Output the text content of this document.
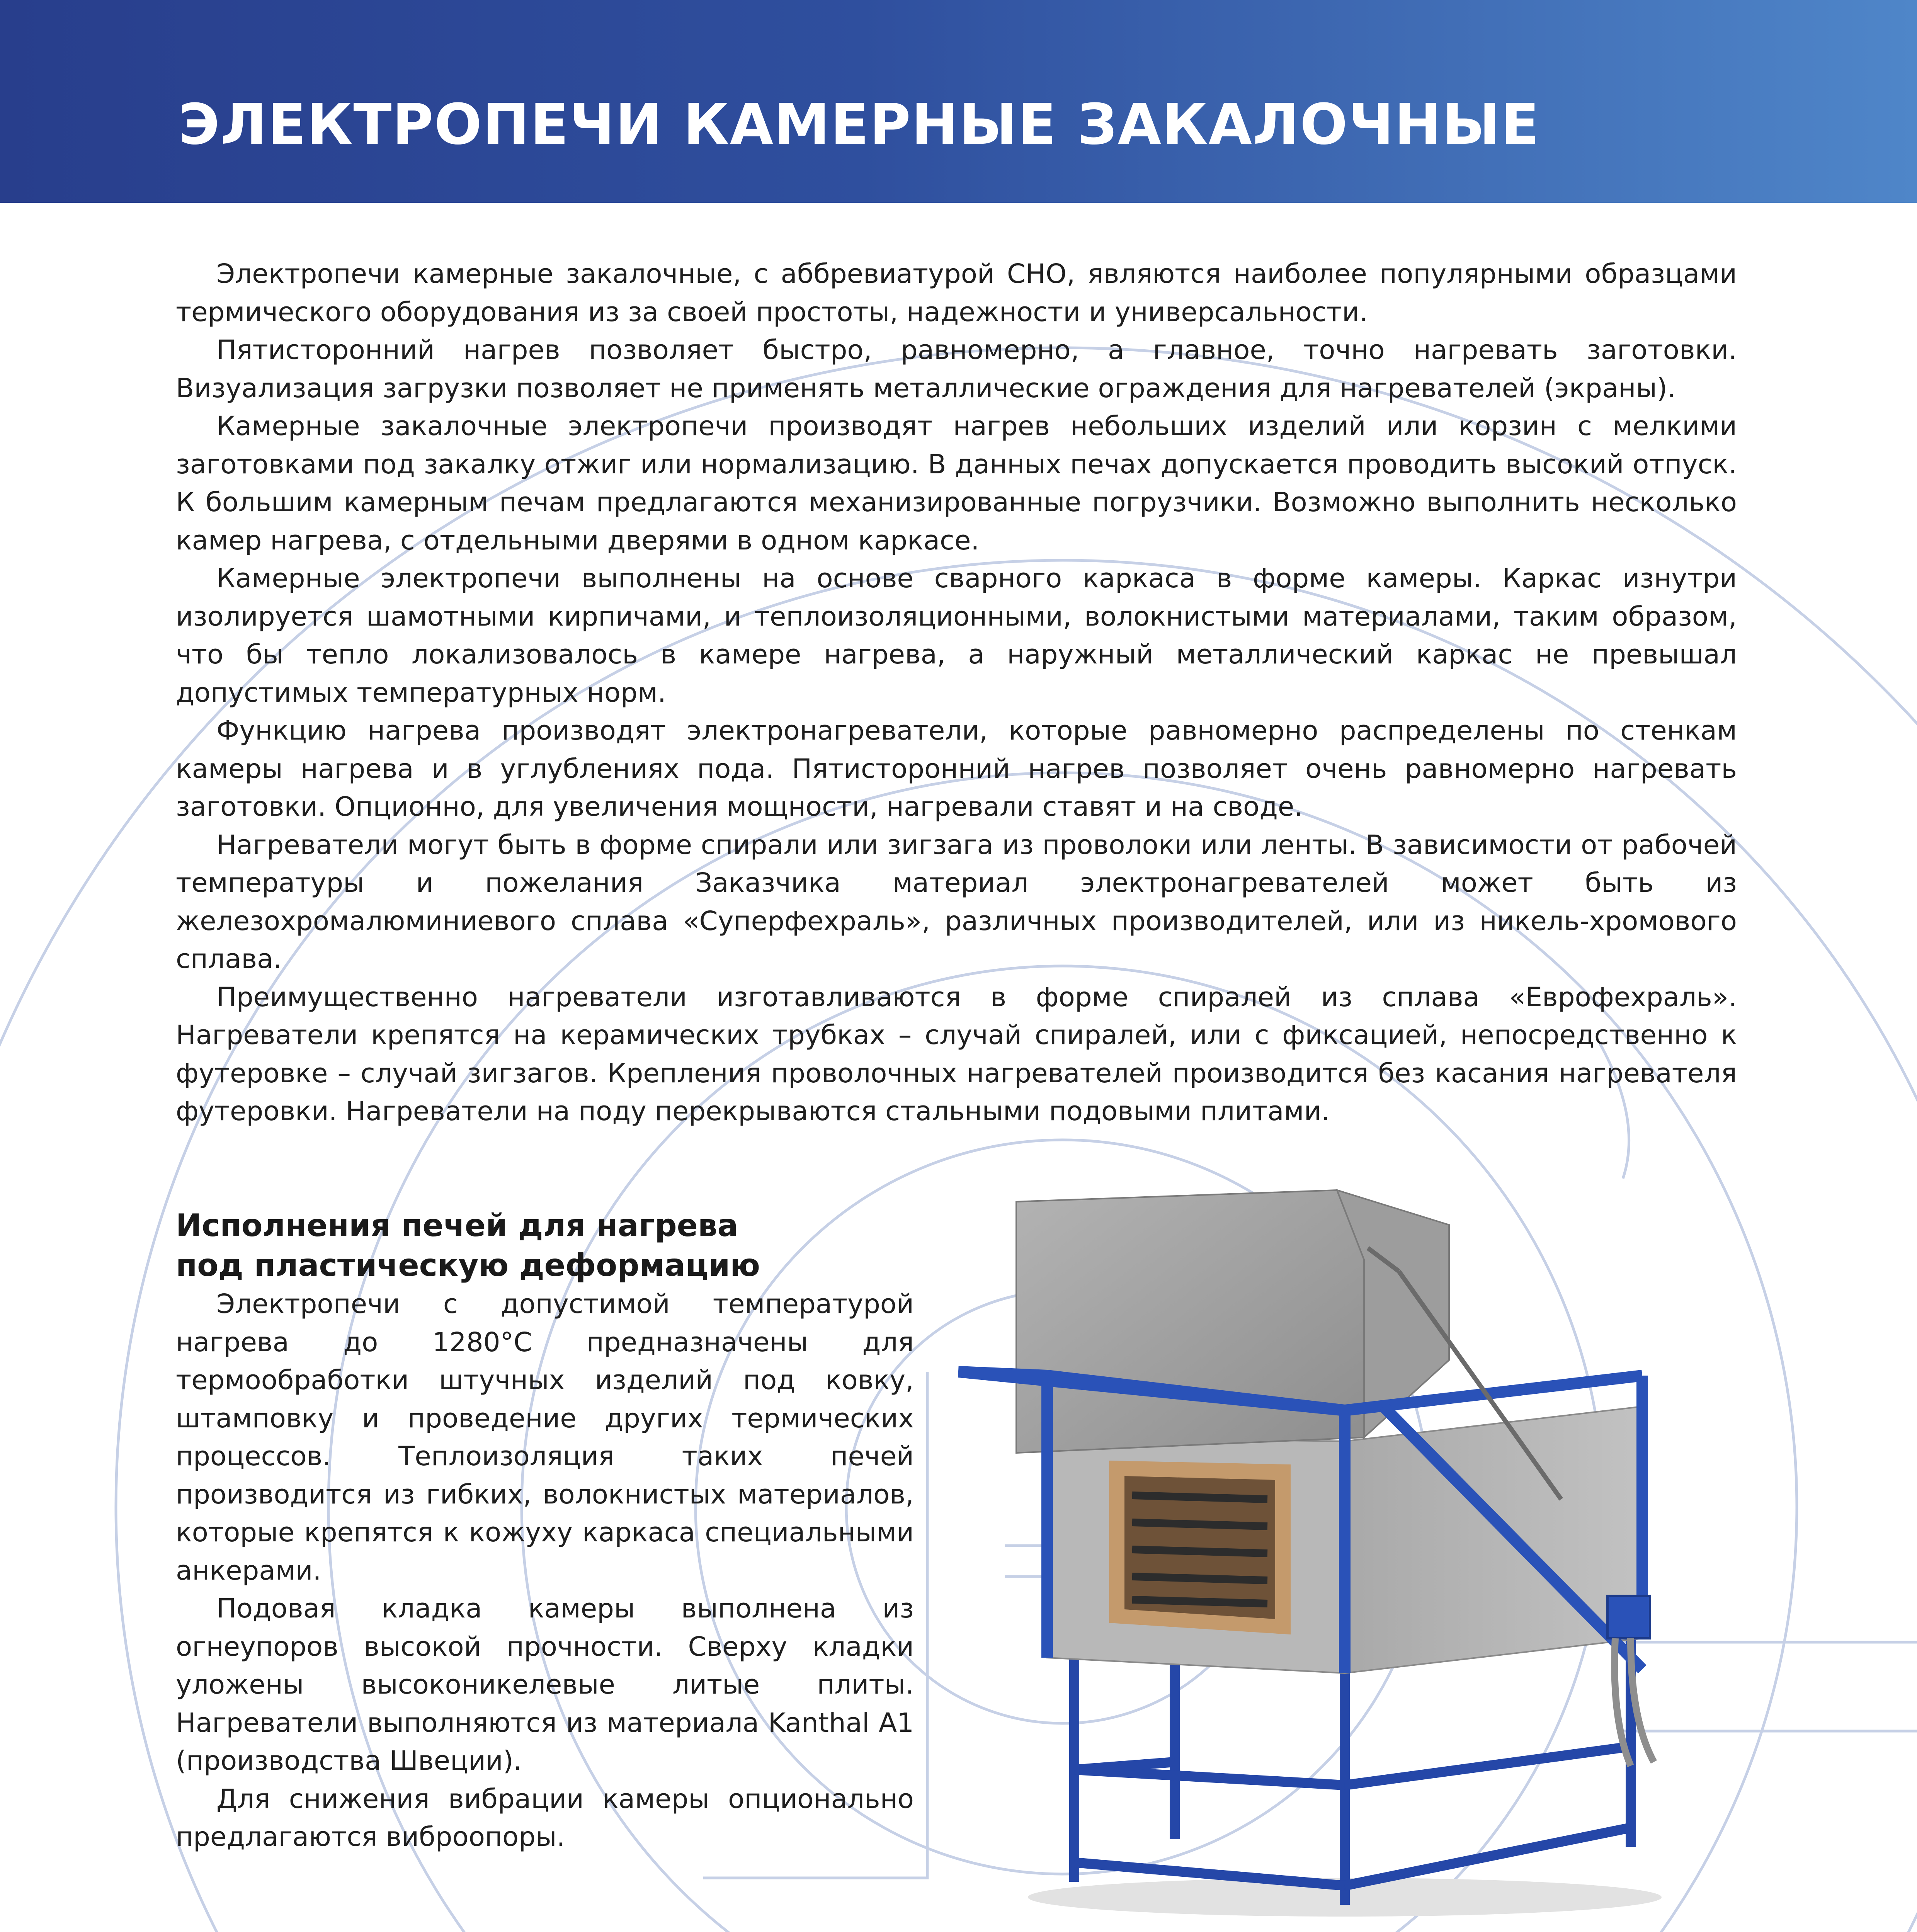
ЭЛЕКТРОПЕЧИ КАМЕРНЫЕ ЗАКАЛОЧНЫЕ

Электропечи камерные закалочные, с аббревиатурой СНО, являются наиболее популярными образцами термического оборудования из за своей простоты, надежности и универсальности.

Пятисторонний нагрев позволяет быстро, равномерно, а главное, точно нагревать заготовки. Визуализация загрузки позволяет не применять металлические ограждения для нагревателей (экраны).

Камерные закалочные электропечи производят нагрев небольших изделий или корзин с мелкими заготовками под закалку отжиг или нормализацию. В данных печах допускается проводить высокий отпуск. К большим камерным печам предлагаются механизированные погрузчики. Возможно выполнить несколько камер нагрева, с отдельными дверями в одном каркасе.

Камерные электропечи выполнены на основе сварного каркаса в форме камеры. Каркас изнутри изолируется шамотными кирпичами, и теплоизоляционными, волокнистыми материалами, таким образом, что бы тепло локализовалось в камере нагрева, а наружный металлический каркас не превышал допустимых температурных норм.

Функцию нагрева производят электронагреватели, которые равномерно распределены по стенкам камеры нагрева и в углублениях пода. Пятисторонний нагрев позволяет очень равномерно нагревать заготовки. Опционно, для увеличения мощности, нагревали ставят и на своде.

Нагреватели могут быть в форме спирали или зигзага из проволоки или ленты. В зависимости от рабочей температуры и пожелания Заказчика материал электронагревателей может быть из железохромалюминиевого сплава «Суперфехраль», различных производителей, или из никель-хромового сплава.

Преимущественно нагреватели изготавливаются в форме спиралей из сплава «Еврофехраль». Нагреватели крепятся на керамических трубках – случай спиралей, или с фиксацией, непосредственно к футеровке – случай зигзагов. Крепления проволочных нагревателей производится без касания нагревателя футеровки. Нагреватели на поду перекрываются стальными подовыми плитами.

Исполнения печей для нагрева
под пластическую деформацию

Электропечи с допустимой температурой нагрева до 1280°С предназначены для термообработки штучных изделий под ковку, штамповку и проведение других термических процессов. Теплоизоляция таких печей производится из гибких, волокнистых материалов, которые крепятся к кожуху каркаса специальными анкерами.

Подовая кладка камеры выполнена из огнеупоров высокой прочности. Сверху кладки уложены высоконикелевые литые плиты. Нагреватели выполняются из материала Kanthal A1 (производства Швеции).

Для снижения вибрации камеры опционально предлагаются виброопоры.
